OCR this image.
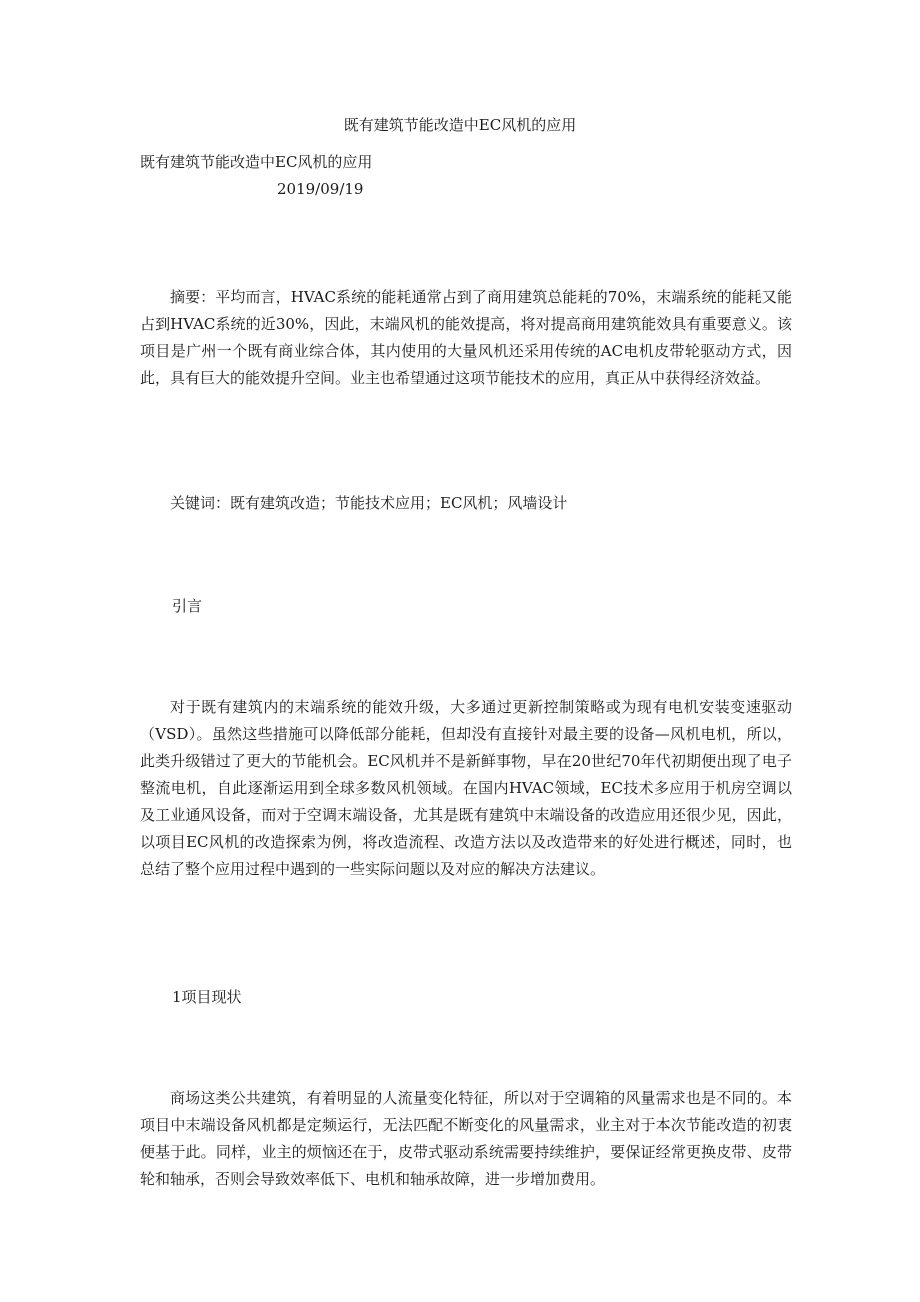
既有建筑节能改造中EC风机的应用
既有建筑节能改造中EC风机的应用
2019/09/19

摘要：平均而言，HVAC系统的能耗通常占到了商用建筑总能耗的70%，末端系统的能耗又能占到HVAC系统的近30%，因此，末端风机的能效提高，将对提高商用建筑能效具有重要意义。该项目是广州一个既有商业综合体，其内使用的大量风机还采用传统的AC电机皮带轮驱动方式，因此，具有巨大的能效提升空间。业主也希望通过这项节能技术的应用，真正从中获得经济效益。

关键词：既有建筑改造；节能技术应用；EC风机；风墙设计

引言

对于既有建筑内的末端系统的能效升级，大多通过更新控制策略或为现有电机安装变速驱动（VSD）。虽然这些措施可以降低部分能耗，但却没有直接针对最主要的设备—风机电机，所以，此类升级错过了更大的节能机会。EC风机并不是新鲜事物，早在20世纪70年代初期便出现了电子整流电机，自此逐渐运用到全球多数风机领域。在国内HVAC领域，EC技术多应用于机房空调以及工业通风设备，而对于空调末端设备，尤其是既有建筑中末端设备的改造应用还很少见，因此，以项目EC风机的改造探索为例，将改造流程、改造方法以及改造带来的好处进行概述，同时，也总结了整个应用过程中遇到的一些实际问题以及对应的解决方法建议。

1项目现状

商场这类公共建筑，有着明显的人流量变化特征，所以对于空调箱的风量需求也是不同的。本项目中末端设备风机都是定频运行，无法匹配不断变化的风量需求，业主对于本次节能改造的初衷便基于此。同样，业主的烦恼还在于，皮带式驱动系统需要持续维护，要保证经常更换皮带、皮带轮和轴承，否则会导致效率低下、电机和轴承故障，进一步增加费用。
